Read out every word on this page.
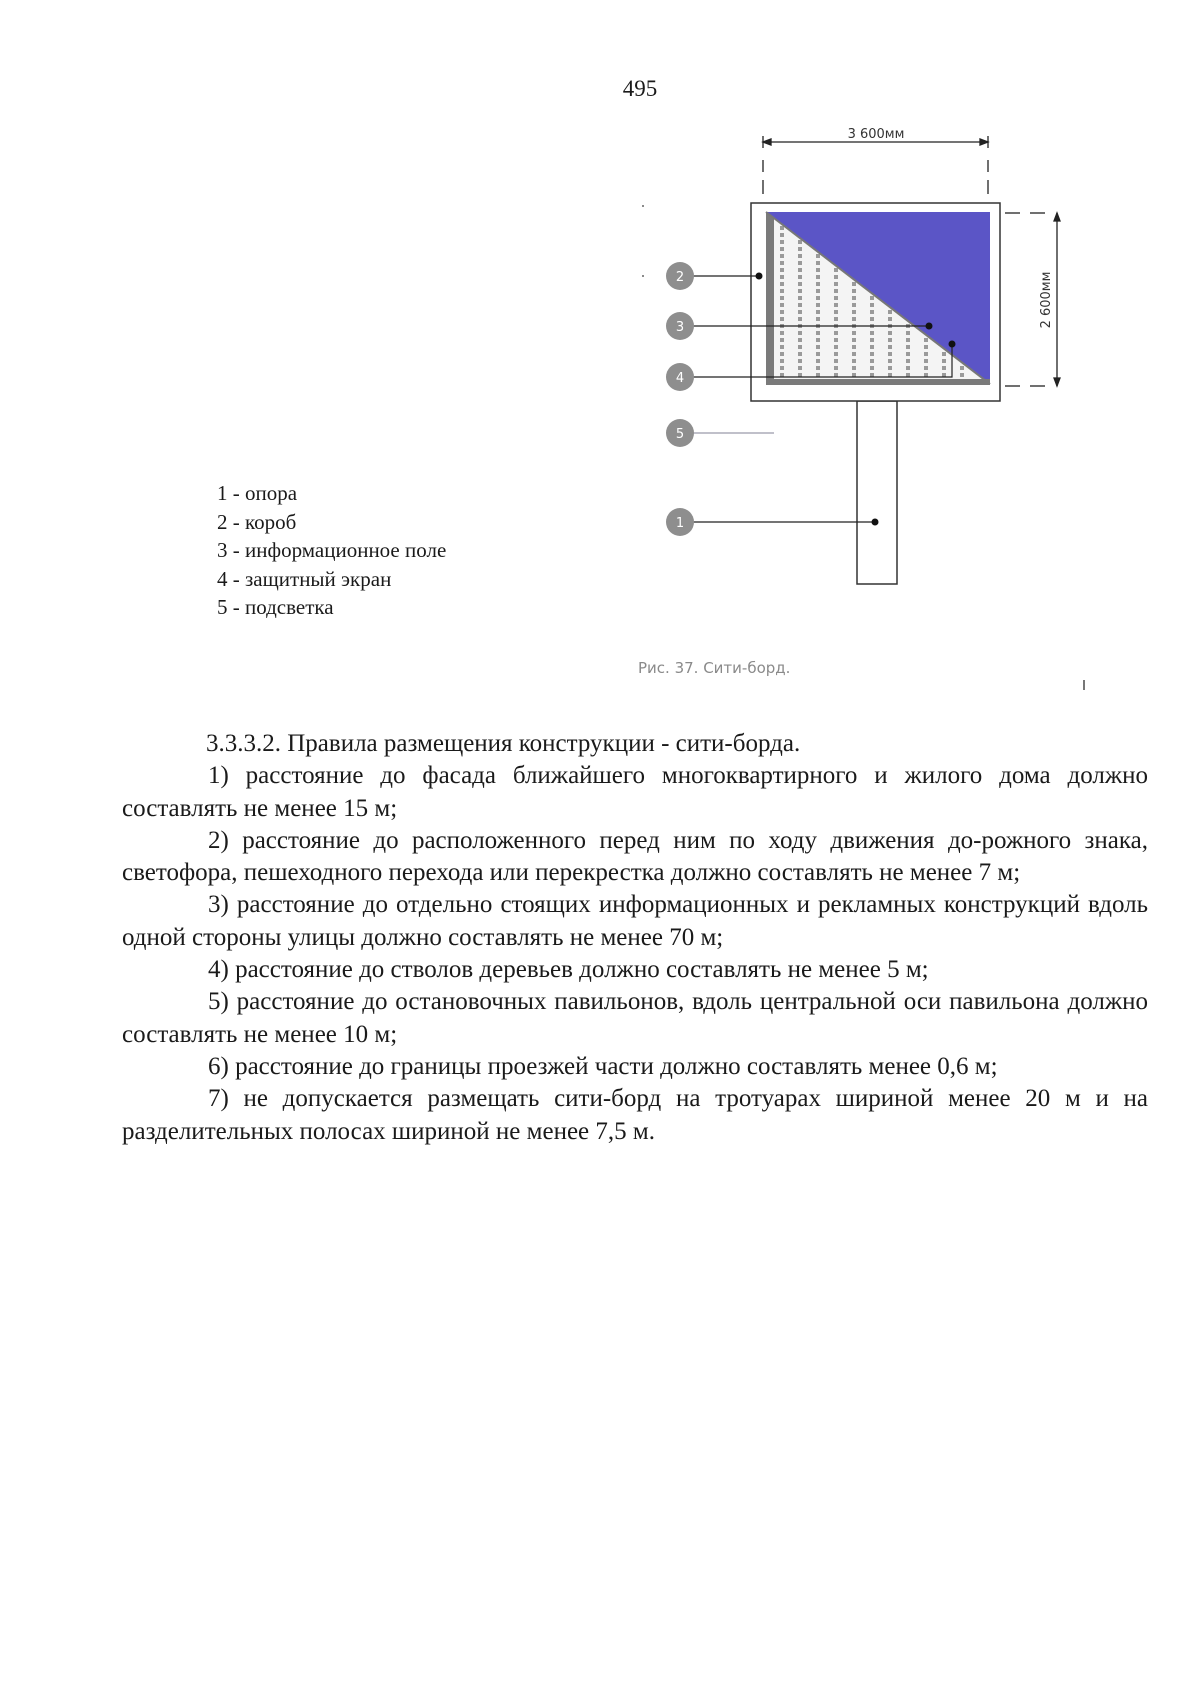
495
3 600мм
2 600мм
2
3
4
5
1
1 - опора
2 - короб
3 - информационное поле
4 - защитный экран
5 - подсветка
Рис. 37. Сити-борд.

3.3.3.2. Правила размещения конструкции - сити-борда.

1) расстояние до фасада ближайшего многоквартирного и жилого дома должно составлять не менее 15 м;

2) расстояние до расположенного перед ним по ходу движения до-рожного знака, светофора, пешеходного перехода или перекрестка должно составлять не менее 7 м;

3) расстояние до отдельно стоящих информационных и рекламных конструкций вдоль одной стороны улицы должно составлять не менее 70 м;

4) расстояние до стволов деревьев должно составлять не менее 5 м;

5) расстояние до остановочных павильонов, вдоль центральной оси павильона должно составлять не менее 10 м;

6) расстояние до границы проезжей части должно составлять менее 0,6 м;

7) не допускается размещать сити-борд на тротуарах шириной менее 20 м и на разделительных полосах шириной не менее 7,5 м.
